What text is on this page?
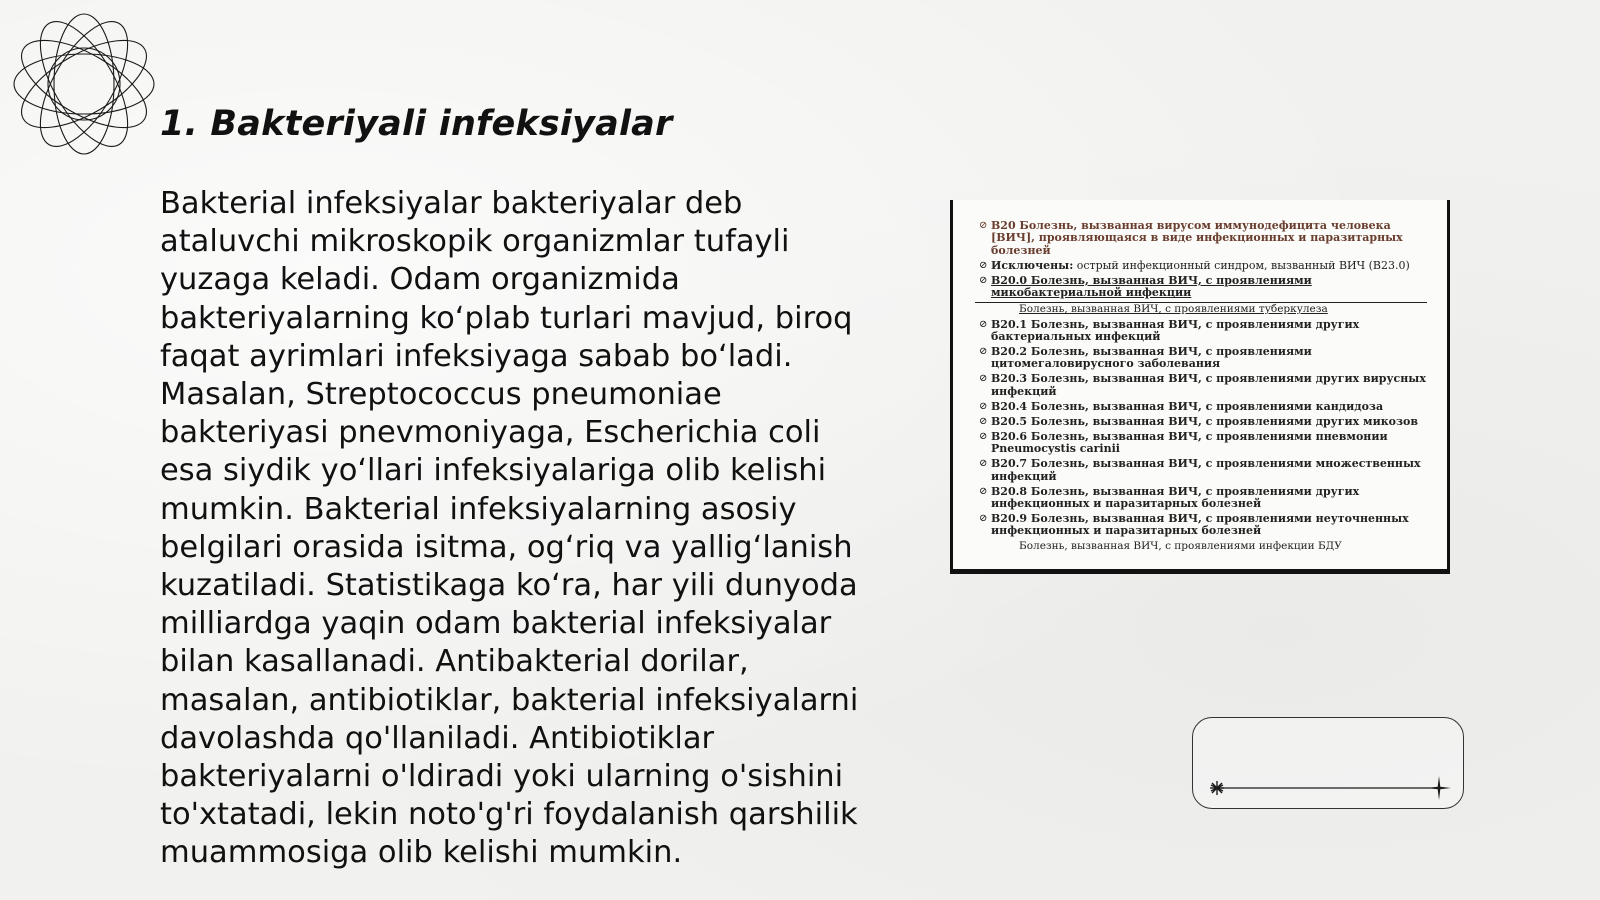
1. Bakteriyali infeksiyalar
Bakterial infeksiyalar bakteriyalar deb
ataluvchi mikroskopik organizmlar tufayli
yuzaga keladi. Odam organizmida
bakteriyalarning ko‘plab turlari mavjud, biroq
faqat ayrimlari infeksiyaga sabab bo‘ladi.
Masalan, Streptococcus pneumoniae
bakteriyasi pnevmoniyaga, Escherichia coli
esa siydik yo‘llari infeksiyalariga olib kelishi
mumkin. Bakterial infeksiyalarning asosiy
belgilari orasida isitma, og‘riq va yallig‘lanish
kuzatiladi. Statistikaga ko‘ra, har yili dunyoda
milliardga yaqin odam bakterial infeksiyalar
bilan kasallanadi. Antibakterial dorilar,
masalan, antibiotiklar, bakterial infeksiyalarni
davolashda qo'llaniladi. Antibiotiklar
bakteriyalarni o'ldiradi yoki ularning o'sishini
to'xtatadi, lekin noto'g'ri foydalanish qarshilik
muammosiga olib kelishi mumkin.
⊘ B20 Болезнь, вызванная вирусом иммунодефицита человека [ВИЧ], проявляющаяся в виде инфекционных и паразитарных болезней
⊘ Исключены: острый инфекционный синдром, вызванный ВИЧ (B23.0)
⊘ B20.0 Болезнь, вызванная ВИЧ, с проявлениями микобактериальной инфекции
Болезнь, вызванная ВИЧ, с проявлениями туберкулеза
⊘ B20.1 Болезнь, вызванная ВИЧ, с проявлениями других бактериальных инфекций
⊘ B20.2 Болезнь, вызванная ВИЧ, с проявлениями цитомегаловирусного заболевания
⊘ B20.3 Болезнь, вызванная ВИЧ, с проявлениями других вирусных инфекций
⊘ B20.4 Болезнь, вызванная ВИЧ, с проявлениями кандидоза
⊘ B20.5 Болезнь, вызванная ВИЧ, с проявлениями других микозов
⊘ B20.6 Болезнь, вызванная ВИЧ, с проявлениями пневмонии Pneumocystis carinii
⊘ B20.7 Болезнь, вызванная ВИЧ, с проявлениями множественных инфекций
⊘ B20.8 Болезнь, вызванная ВИЧ, с проявлениями других инфекционных и паразитарных болезней
⊘ B20.9 Болезнь, вызванная ВИЧ, с проявлениями неуточненных инфекционных и паразитарных болезней
Болезнь, вызванная ВИЧ, с проявлениями инфекции БДУ
